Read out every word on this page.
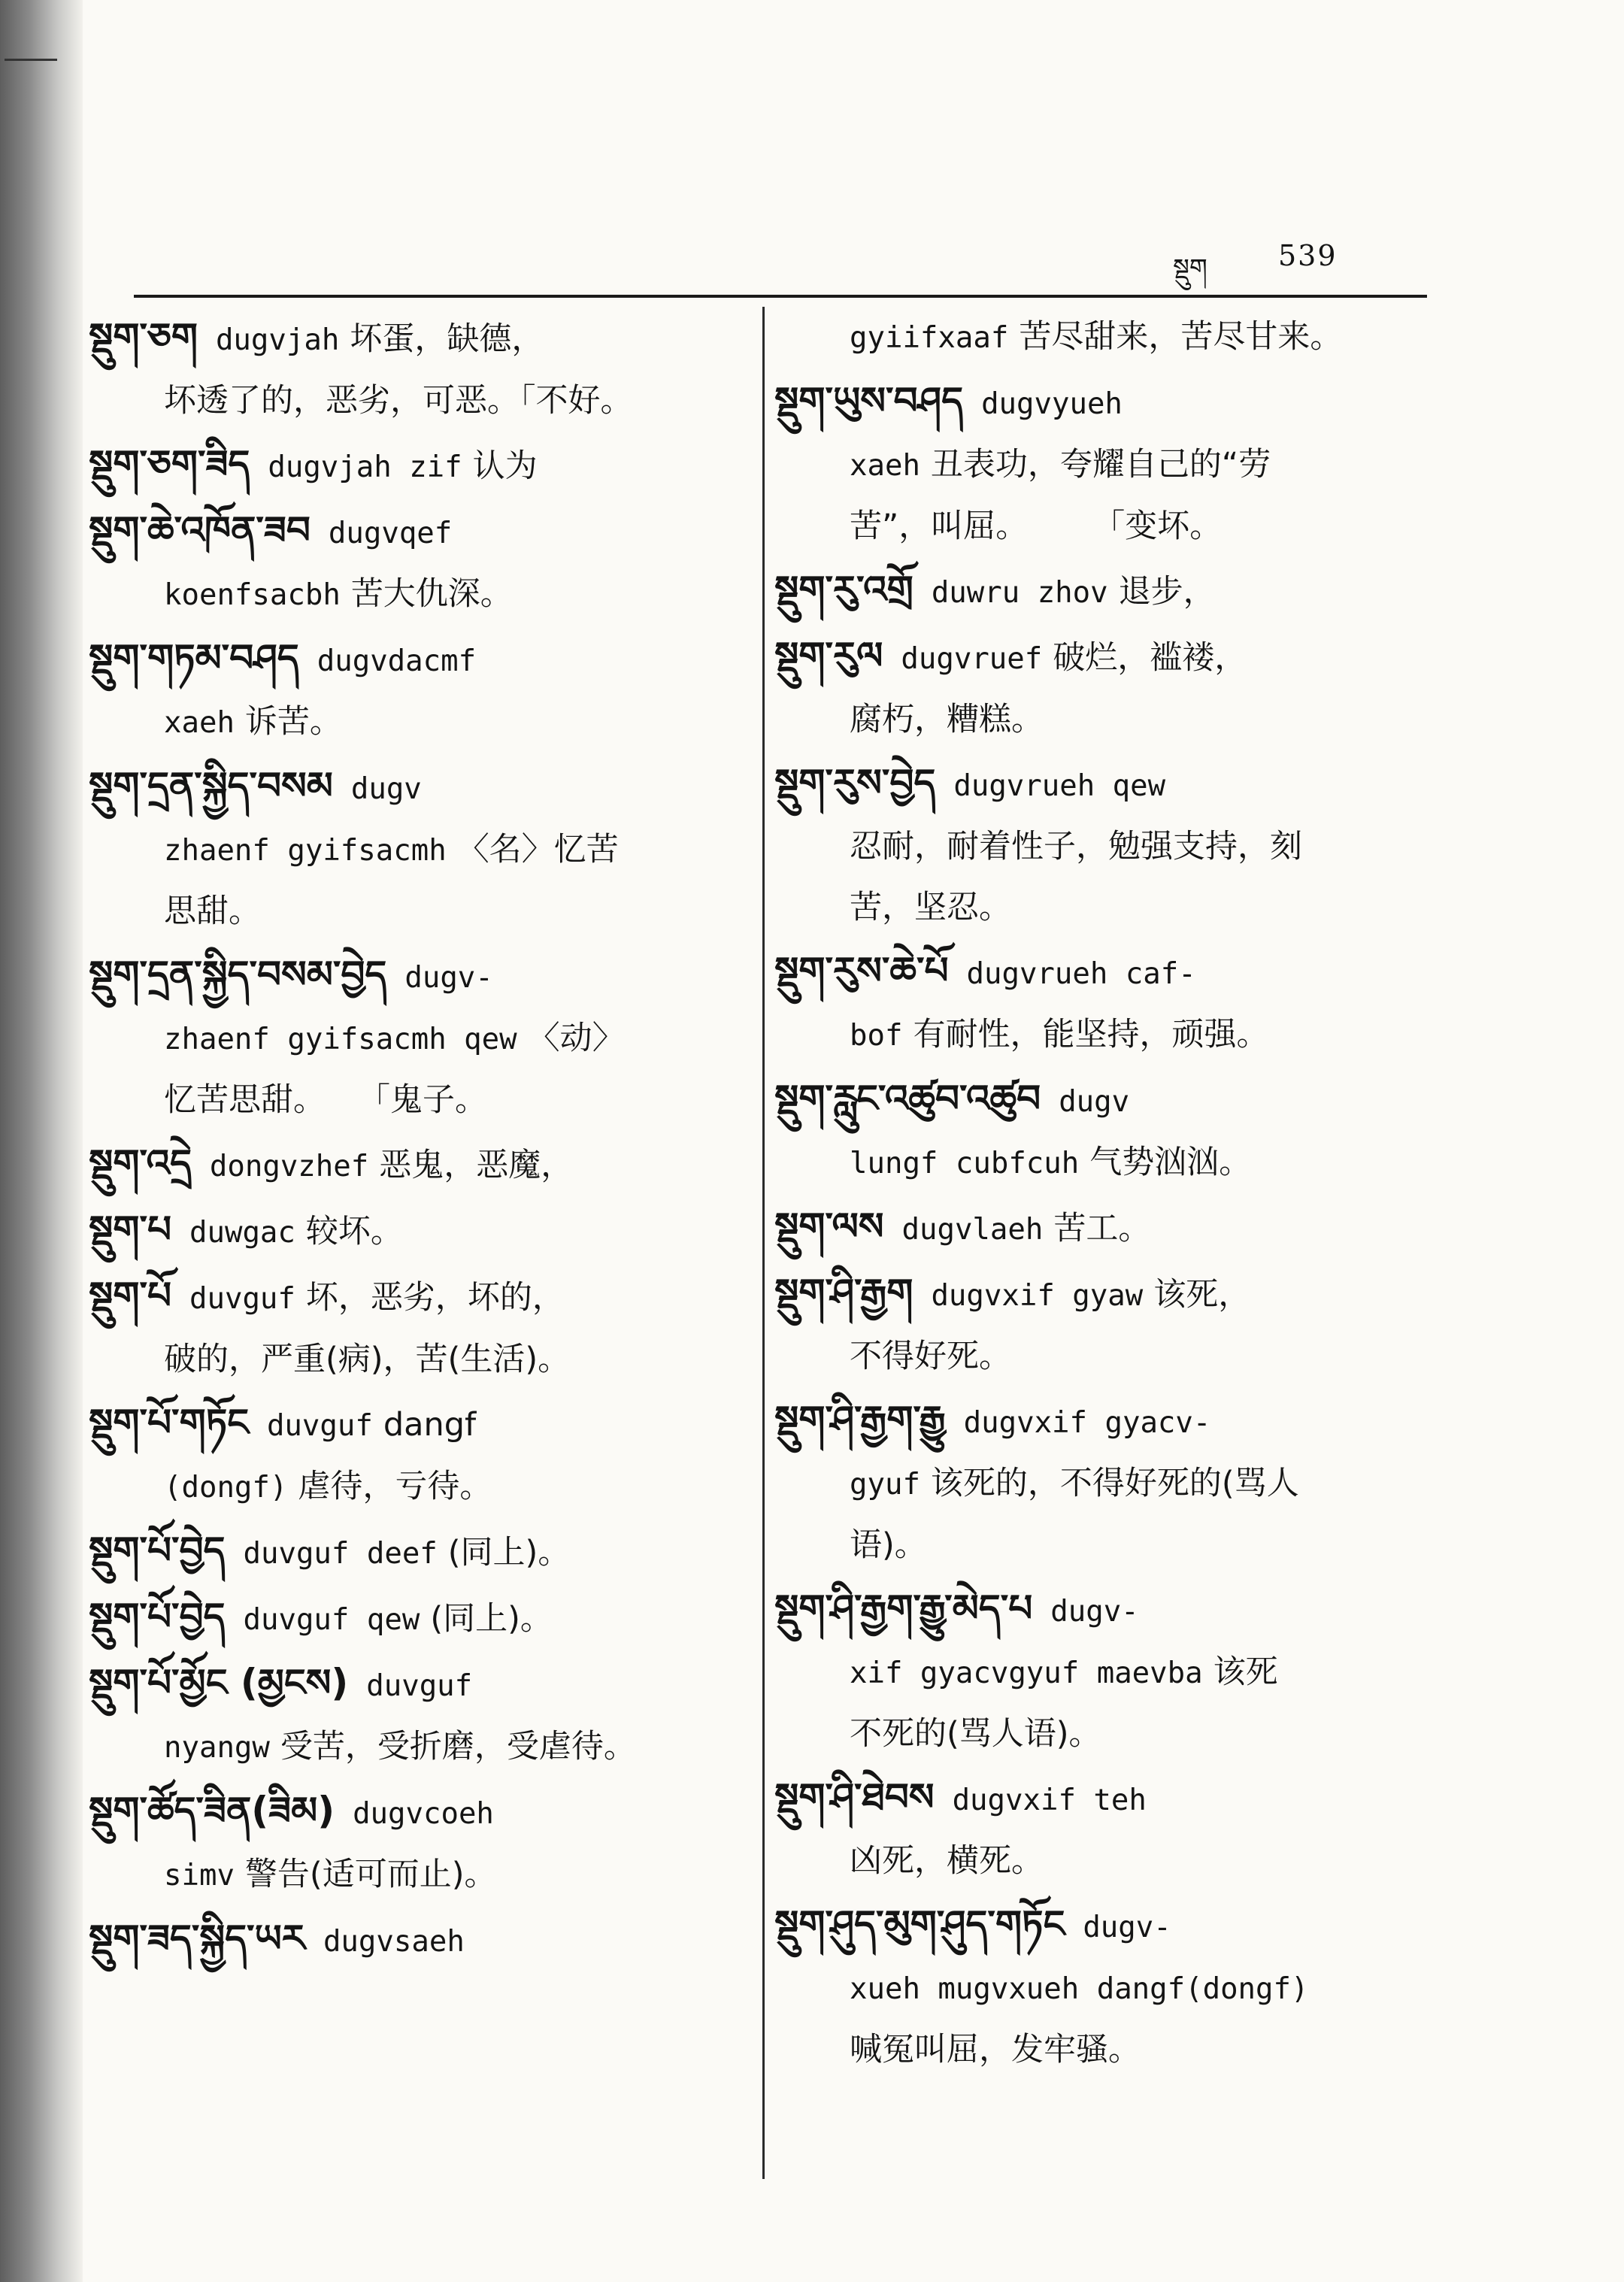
སྡུག 539
སྡུག་ཅག dugvjah 坏蛋，缺德，
坏透了的，恶劣，可恶。「不好。
སྡུག་ཅག་ཟིད dugvjah zif 认为
སྡུག་ཆེ་འཁོན་ཟབ dugvqef
koenfsacbh 苦大仇深。
སྡུག་གཏམ་བཤད dugvdacmf
xaeh 诉苦。
སྡུག་དྲན་སྐྱིད་བསམ dugv
zhaenf gyifsacmh 〈名〉忆苦
思甜。
སྡུག་དྲན་སྐྱིད་བསམ་བྱེད dugv-
zhaenf gyifsacmh qew 〈动〉
忆苦思甜。　　「鬼子。
སྡུག་འདྲེ dongvzhef 恶鬼，恶魔，
སྡུག་པ duwgac 较坏。
སྡུག་པོ duvguf 坏，恶劣，坏的，
破的，严重(病)，苦(生活)。
སྡུག་པོ་གཏོང duvguf dangf
(dongf) 虐待，亏待。
སྡུག་པོ་བྱེད duvguf deef (同上)。
སྡུག་པོ་བྱེད duvguf qew (同上)。
སྡུག་པོ་མྱོང (མྱངས) duvguf
nyangw 受苦，受折磨，受虐待。
སྡུག་ཚོད་ཟིན(ཟིམ) dugvcoeh
simv 警告(适可而止)。
སྡུག་ཟད་སྐྱིད་ཡར dugvsaeh
gyiifxaaf 苦尽甜来，苦尽甘来。
སྡུག་ཡུས་བཤད dugvyueh
xaeh 丑表功，夸耀自己的“劳
苦”，叫屈。　　　「变坏。
སྡུག་རུ་འགྲོ duwru zhov 退步，
སྡུག་རུལ dugvruef 破烂，褴褛，
腐朽，糟糕。
སྡུག་རུས་བྱེད dugvrueh qew
忍耐，耐着性子，勉强支持，刻
苦，坚忍。
སྡུག་རུས་ཆེ་པོ dugvrueh caf-
bof 有耐性，能坚持，顽强。
སྡུག་རླུང་འཚུབ་འཚུབ dugv
lungf cubfcuh 气势汹汹。
སྡུག་ལས dugvlaeh 苦工。
སྡུག་ཤི་རྒྱག dugvxif gyaw 该死，
不得好死。
སྡུག་ཤི་རྒྱག་རྒྱུ dugvxif gyacv-
gyuf 该死的，不得好死的(骂人
语)。
སྡུག་ཤི་རྒྱག་རྒྱུ་མེད་པ dugv-
xif gyacvgyuf maevba 该死
不死的(骂人语)。
སྡུག་ཤི་ཐེབས dugvxif teh
凶死，横死。
སྡུག་ཤུད་མུག་ཤུད་གཏོང dugv-
xueh mugvxueh dangf(dongf)
喊冤叫屈，发牢骚。
